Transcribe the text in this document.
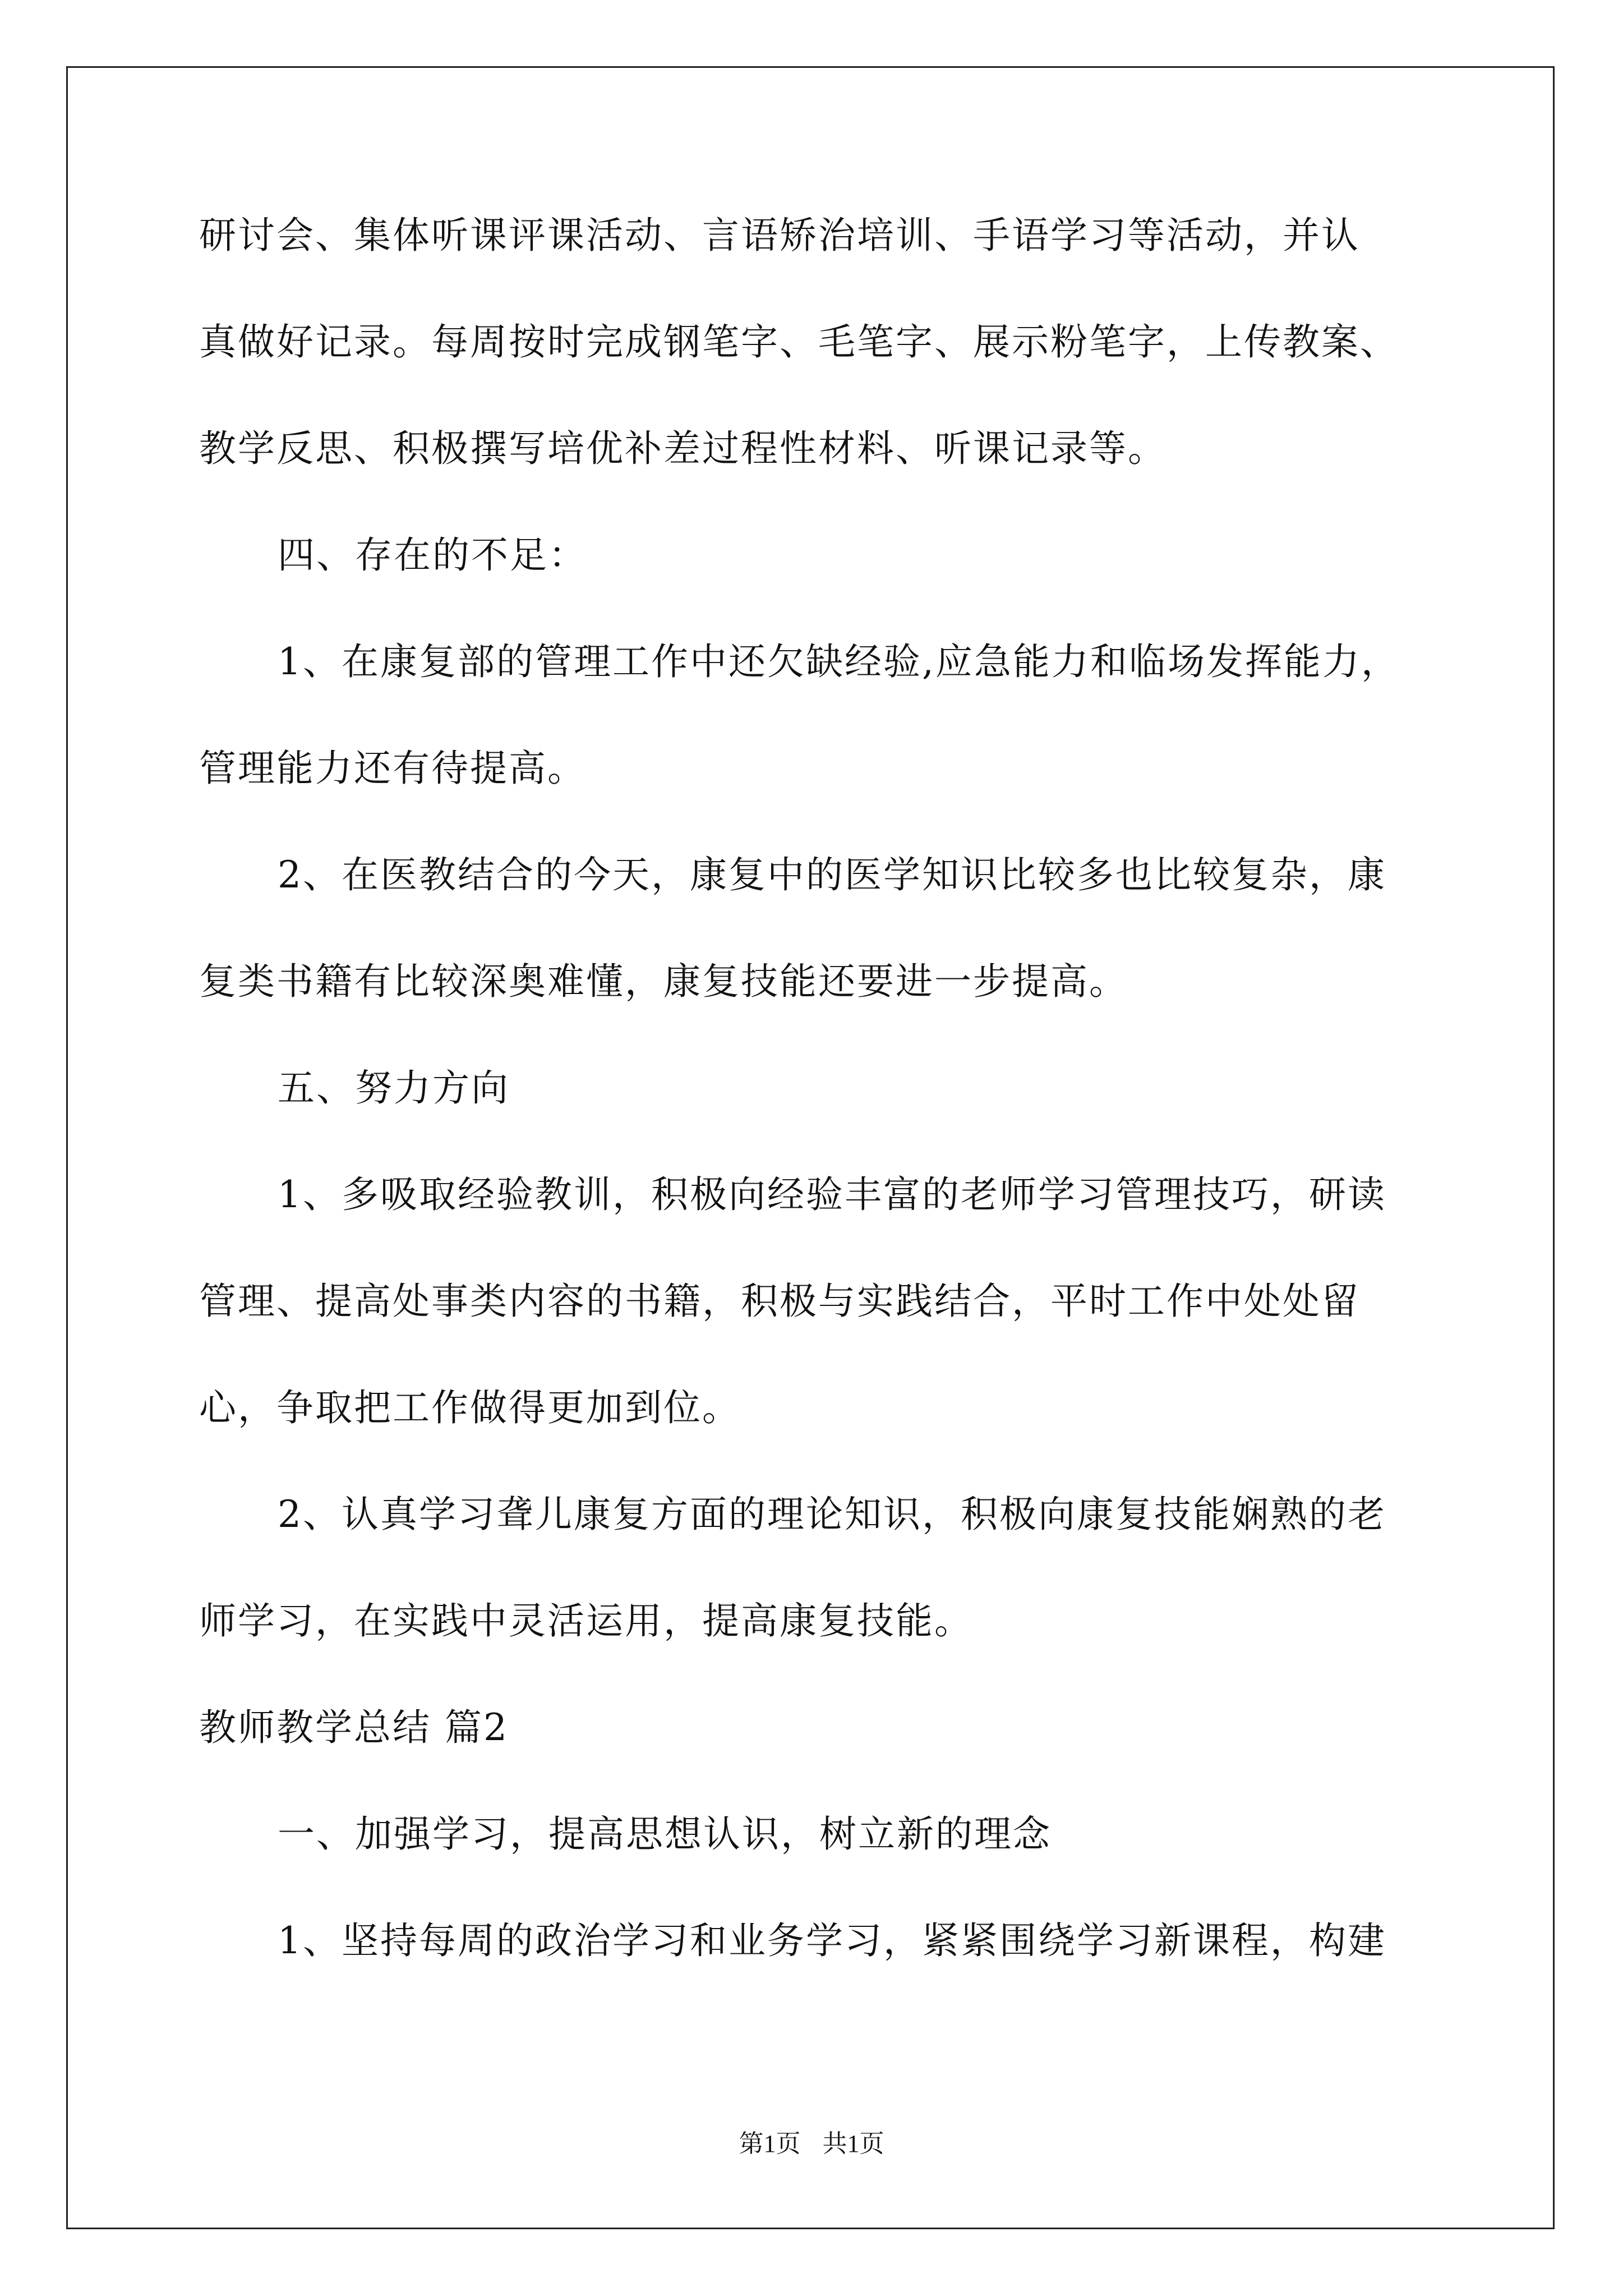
研讨会、集体听课评课活动、言语矫治培训、手语学习等活动，并认
真做好记录。每周按时完成钢笔字、毛笔字、展示粉笔字，上传教案、
教学反思、积极撰写培优补差过程性材料、听课记录等。
四、存在的不足：
1、在康复部的管理工作中还欠缺经验,应急能力和临场发挥能力，
管理能力还有待提高。
2、在医教结合的今天，康复中的医学知识比较多也比较复杂，康
复类书籍有比较深奥难懂，康复技能还要进一步提高。
五、努力方向
1、多吸取经验教训，积极向经验丰富的老师学习管理技巧，研读
管理、提高处事类内容的书籍，积极与实践结合，平时工作中处处留
心，争取把工作做得更加到位。
2、认真学习聋儿康复方面的理论知识，积极向康复技能娴熟的老
师学习，在实践中灵活运用，提高康复技能。
教师教学总结 篇2
一、加强学习，提高思想认识，树立新的理念
1、坚持每周的政治学习和业务学习，紧紧围绕学习新课程，构建
第1页 共1页
